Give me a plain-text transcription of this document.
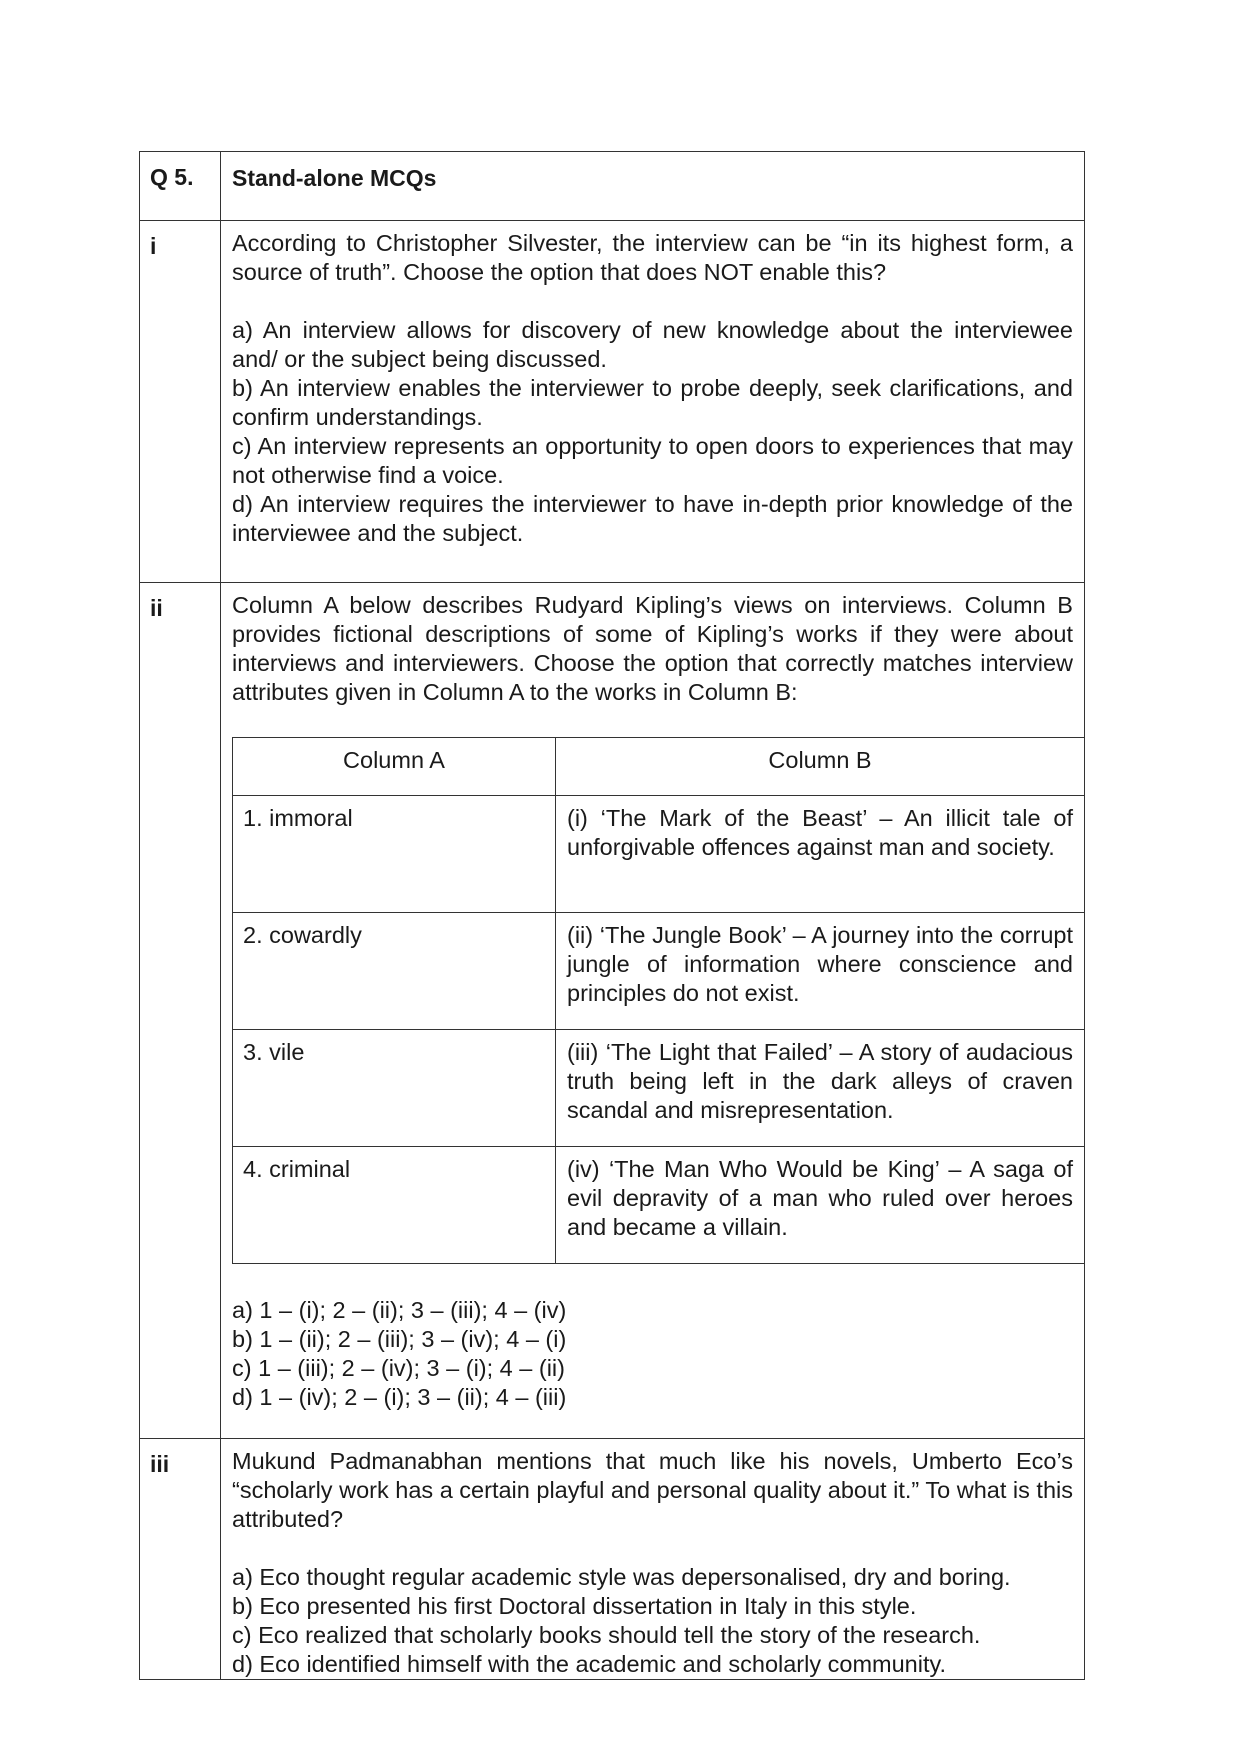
Q 5.	Stand-alone MCQs
i	According to Christopher Silvester, the interview can be “in its highest form, a source of truth”. Choose the option that does NOT enable this?

a) An interview allows for discovery of new knowledge about the interviewee and/ or the subject being discussed.

b) An interview enables the interviewer to probe deeply, seek clarifications, and confirm understandings.

c) An interview represents an opportunity to open doors to experiences that may not otherwise find a voice.

d) An interview requires the interviewer to have in-depth prior knowledge of the interviewee and the subject.

ii	Column A below describes Rudyard Kipling’s views on interviews. Column B provides fictional descriptions of some of Kipling’s works if they were about interviews and interviewers. Choose the option that correctly matches interview attributes given in Column A to the works in Column B:

Column A	Column B
1. immoral	(i) ‘The Mark of the Beast’ – An illicit tale of unforgivable offences against man and society.
2. cowardly	(ii) ‘The Jungle Book’ – A journey into the corrupt jungle of information where conscience and principles do not exist.
3. vile	(iii) ‘The Light that Failed’ – A story of audacious truth being left in the dark alleys of craven scandal and misrepresentation.
4. criminal	(iv) ‘The Man Who Would be King’ – A saga of evil depravity of a man who ruled over heroes and became a villain.

a) 1 – (i); 2 – (ii); 3 – (iii); 4 – (iv)

b) 1 – (ii); 2 – (iii); 3 – (iv); 4 – (i)

c) 1 – (iii); 2 – (iv); 3 – (i); 4 – (ii)

d) 1 – (iv); 2 – (i); 3 – (ii); 4 – (iii)

iii	Mukund Padmanabhan mentions that much like his novels, Umberto Eco’s “scholarly work has a certain playful and personal quality about it.” To what is this attributed?

a) Eco thought regular academic style was depersonalised, dry and boring.

b) Eco presented his first Doctoral dissertation in Italy in this style.

c) Eco realized that scholarly books should tell the story of the research.

d) Eco identified himself with the academic and scholarly community.
